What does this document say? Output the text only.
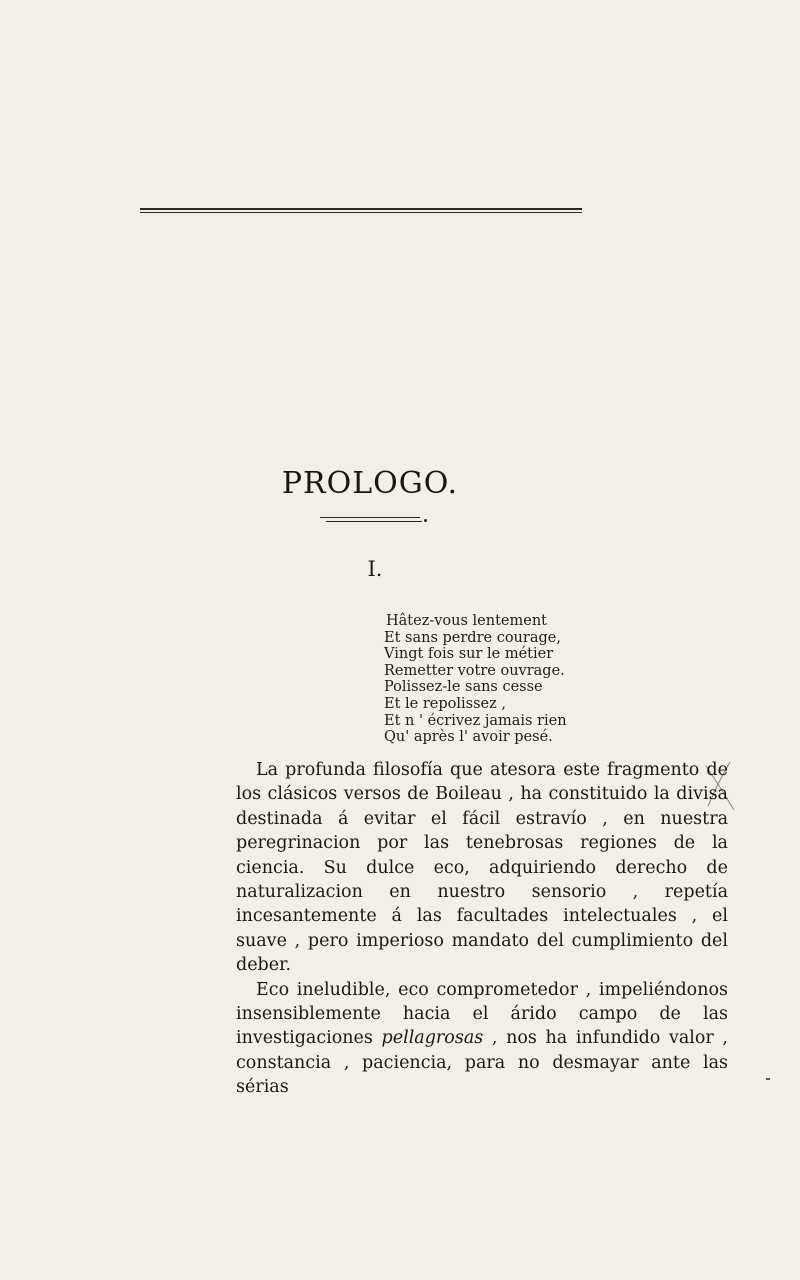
PROLOGO.
I.
Hâtez-vous lentement
Et sans perdre courage,
Vingt fois sur le métier
Remetter votre ouvrage.
Polissez-le sans cesse
Et le repolissez ,
Et n ' écrivez jamais rien
Qu' après l' avoir pesé.

La profunda filosofía que atesora este fragmento de los clásicos versos de Boileau , ha constituido la divisa destinada á evitar el fácil estravío , en nuestra peregrinacion por las tenebrosas regiones de la ciencia. Su dulce eco, adquiriendo derecho de naturalizacion en nuestro sensorio , repetía incesantemente á las facultades intelectuales , el suave , pero imperioso mandato del cumplimiento del deber.

Eco ineludible, eco comprometedor , impeliéndonos insensiblemente hacia el árido campo de las investigaciones pellagrosas , nos ha infundido valor , constancia , paciencia, para no desmayar ante las sérias
